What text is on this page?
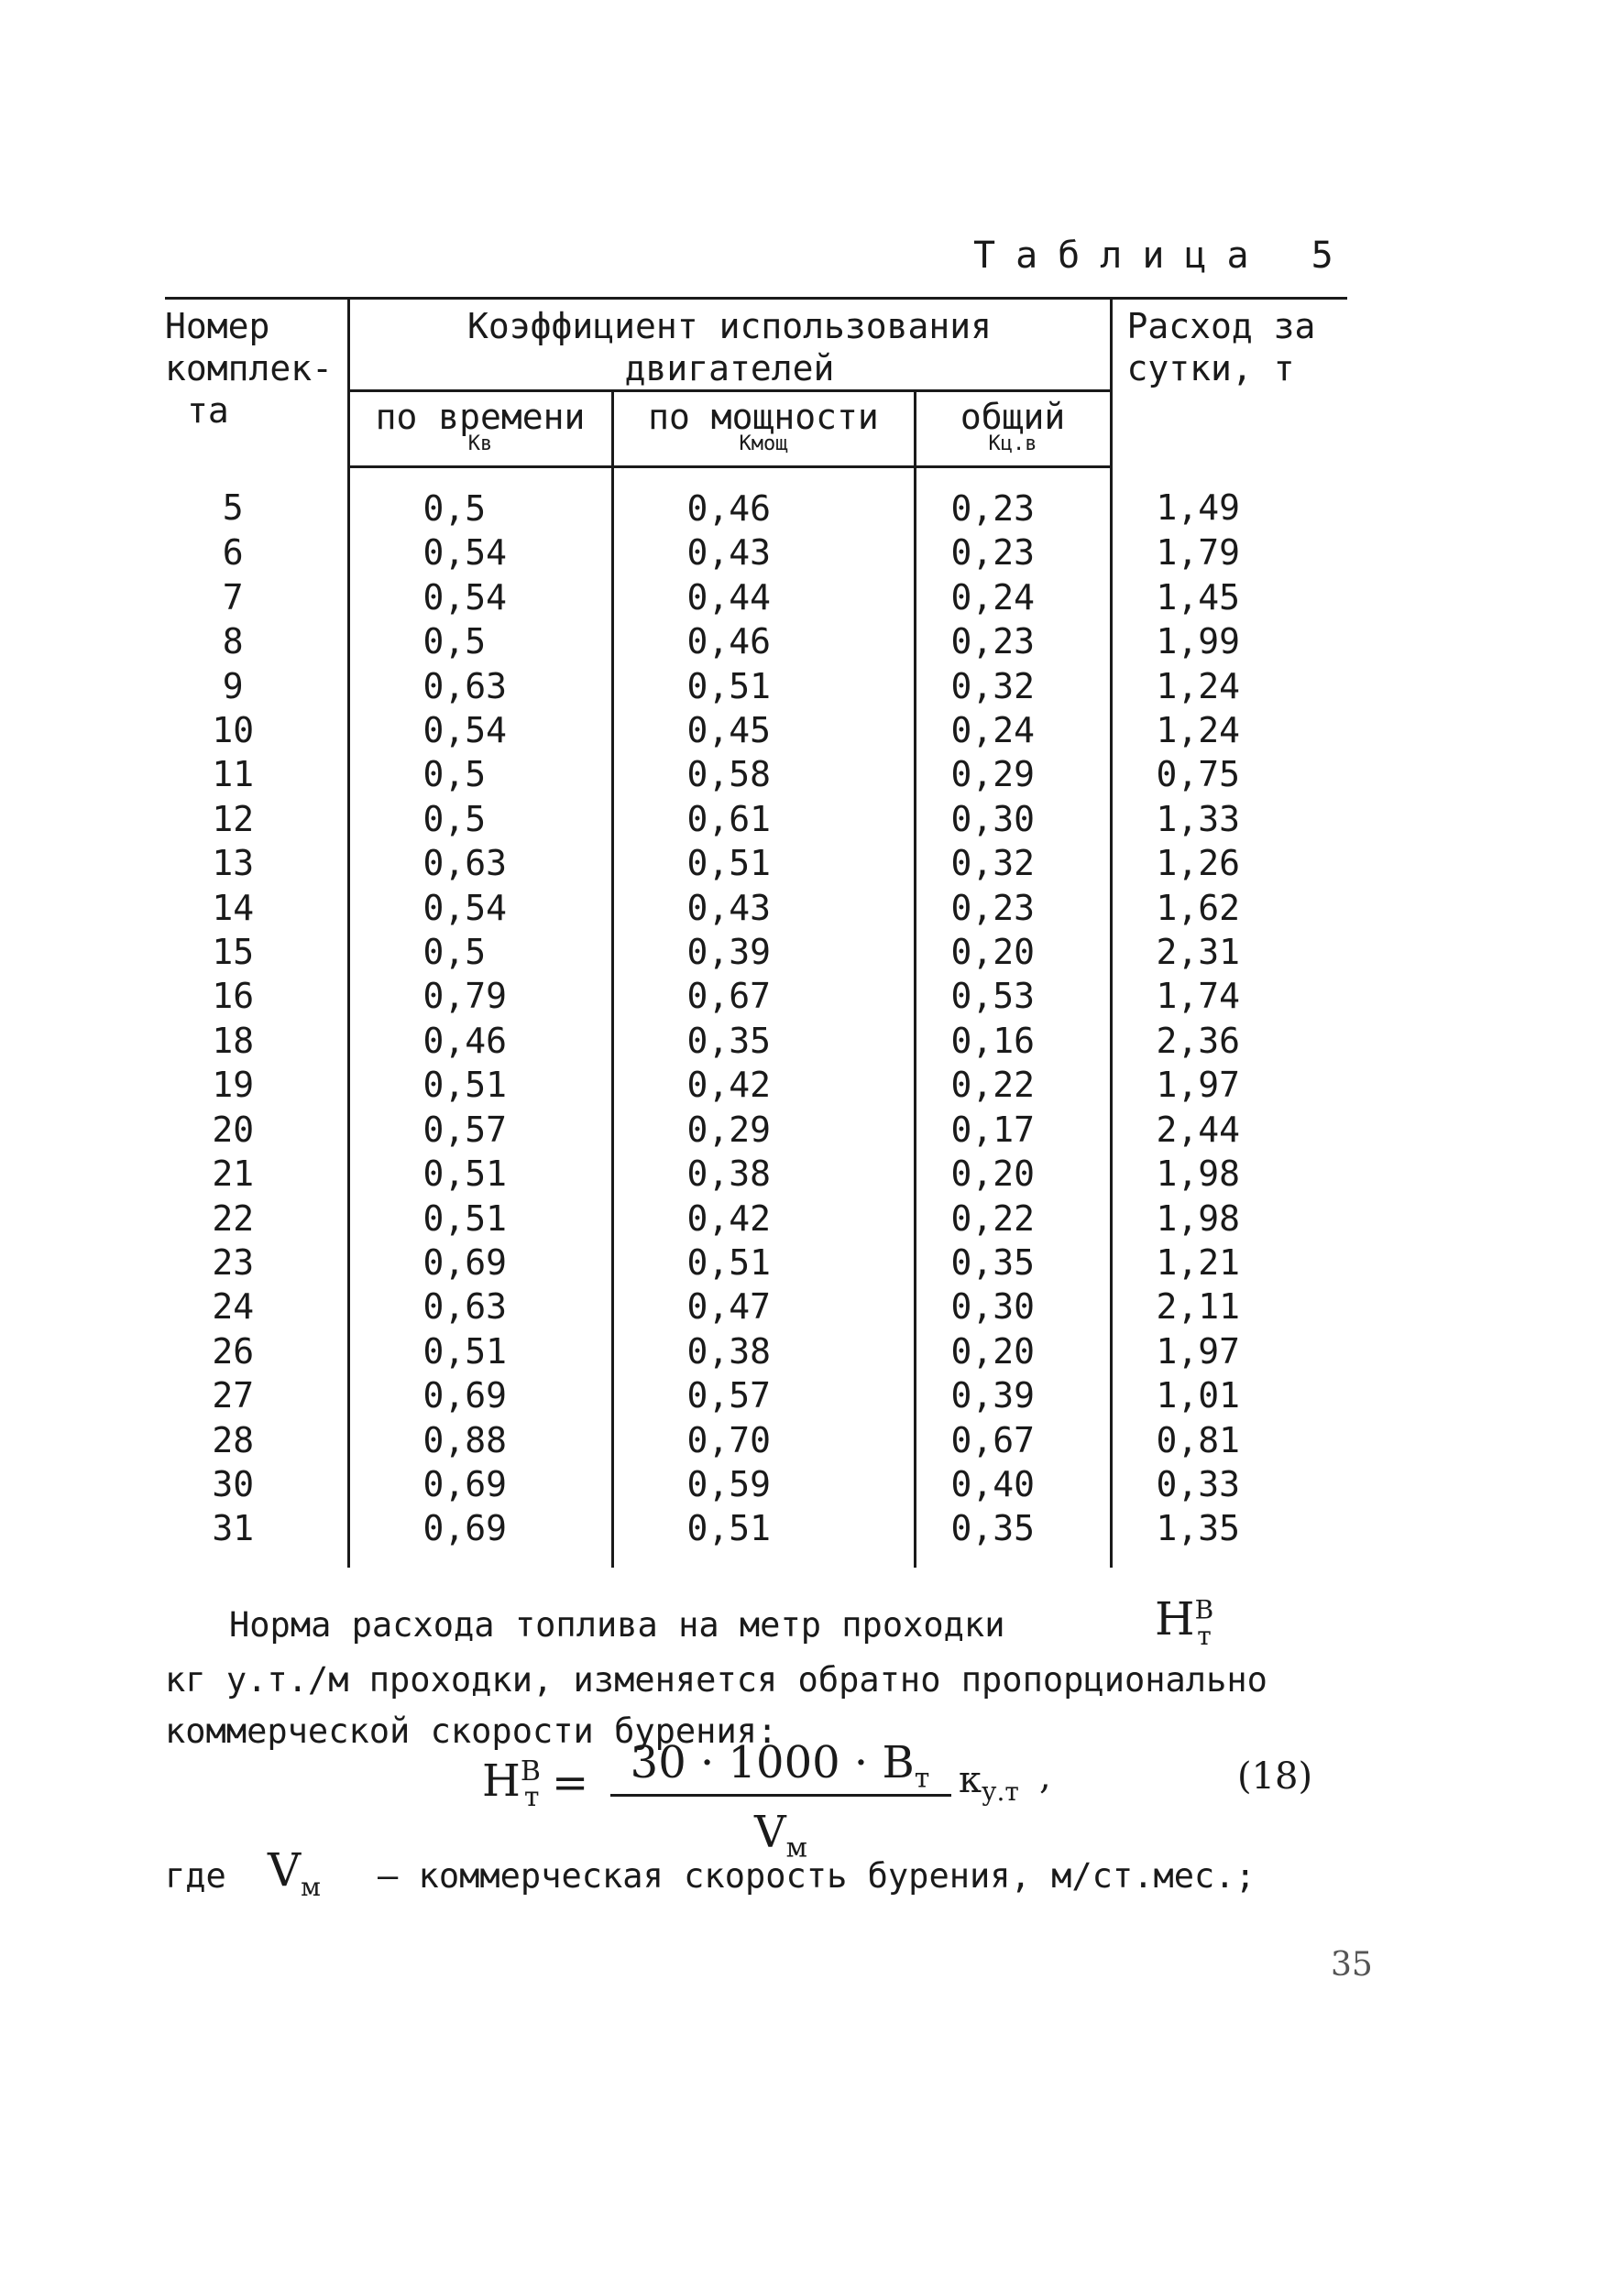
Таблица 5
Номер
комплек-
та	Коэффициент использования
двигателей			Расход за
сутки, т

	по времени
Кв	по мощности
Кмощ	общий
Кц.в	

5	0,5	0,46	0,23	1,49
6	0,54	0,43	0,23	1,79
7	0,54	0,44	0,24	1,45
8	0,5	0,46	0,23	1,99
9	0,63	0,51	0,32	1,24
10	0,54	0,45	0,24	1,24
11	0,5	0,58	0,29	0,75
12	0,5	0,61	0,30	1,33
13	0,63	0,51	0,32	1,26
14	0,54	0,43	0,23	1,62
15	0,5	0,39	0,20	2,31
16	0,79	0,67	0,53	1,74
18	0,46	0,35	0,16	2,36
19	0,51	0,42	0,22	1,97
20	0,57	0,29	0,17	2,44
21	0,51	0,38	0,20	1,98
22	0,51	0,42	0,22	1,98
23	0,69	0,51	0,35	1,21
24	0,63	0,47	0,30	2,11
26	0,51	0,38	0,20	1,97
27	0,69	0,57	0,39	1,01
28	0,88	0,70	0,67	0,81
30	0,69	0,59	0,40	0,33
31	0,69	0,51	0,35	1,35
Норма расхода топлива на метр проходки	$H^В_т$
кг у.т./м проходки, изменяется обратно пропорционально
коммерческой скорости бурения:
$H^В_т = 30 \cdot 1000 \cdot B_т$
$V_м$
$к_{у.т}$ ,	(18)
где $V_м$ – коммерческая скорость бурения, м/ст.мес.;
35
